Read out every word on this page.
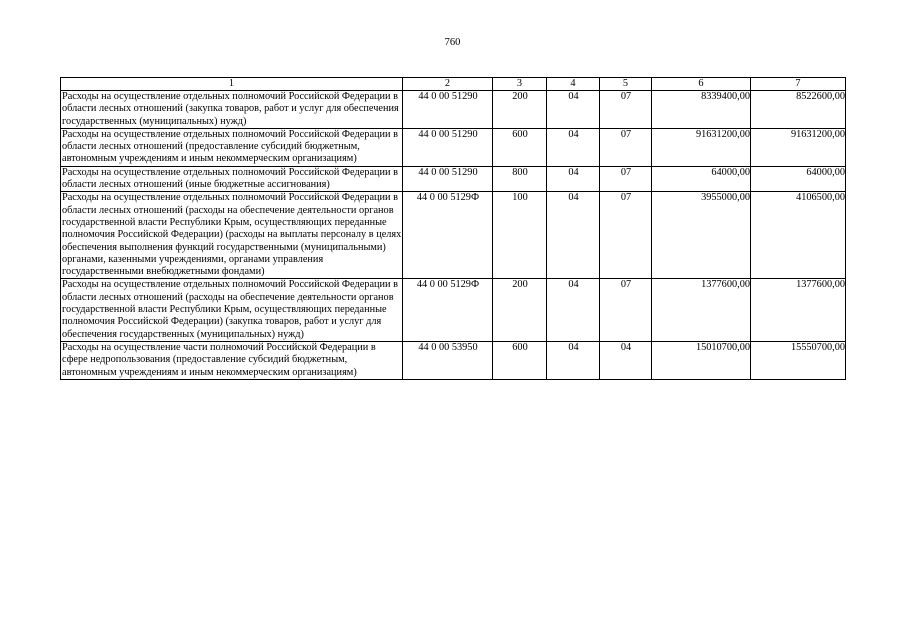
760
1	2	3	4	5	6	7
Расходы на осуществление отдельных полномочий Российской Федерации в области лесных отношений (закупка товаров, работ и услуг для обеспечения государственных (муниципальных) нужд)	44 0 00 51290	200	04	07	8339400,00	8522600,00
Расходы на осуществление отдельных полномочий Российской Федерации в области лесных отношений (предоставление субсидий бюджетным, автономным учреждениям и иным некоммерческим организациям)	44 0 00 51290	600	04	07	91631200,00	91631200,00
Расходы на осуществление отдельных полномочий Российской Федерации в области лесных отношений (иные бюджетные ассигнования)	44 0 00 51290	800	04	07	64000,00	64000,00
Расходы на осуществление отдельных полномочий Российской Федерации в области лесных отношений (расходы на обеспечение деятельности органов государственной власти Республики Крым, осуществляющих переданные полномочия Российской Федерации) (расходы на выплаты персоналу в целях обеспечения выполнения функций государственными (муниципальными) органами, казенными учреждениями, органами управления государственными внебюджетными фондами)	44 0 00 5129Ф	100	04	07	3955000,00	4106500,00
Расходы на осуществление отдельных полномочий Российской Федерации в области лесных отношений (расходы на обеспечение деятельности органов государственной власти Республики Крым, осуществляющих переданные полномочия Российской Федерации) (закупка товаров, работ и услуг для обеспечения государственных (муниципальных) нужд)	44 0 00 5129Ф	200	04	07	1377600,00	1377600,00
Расходы на осуществление части полномочий Российской Федерации в сфере недропользования (предоставление субсидий бюджетным, автономным учреждениям и иным некоммерческим организациям)	44 0 00 53950	600	04	04	15010700,00	15550700,00
